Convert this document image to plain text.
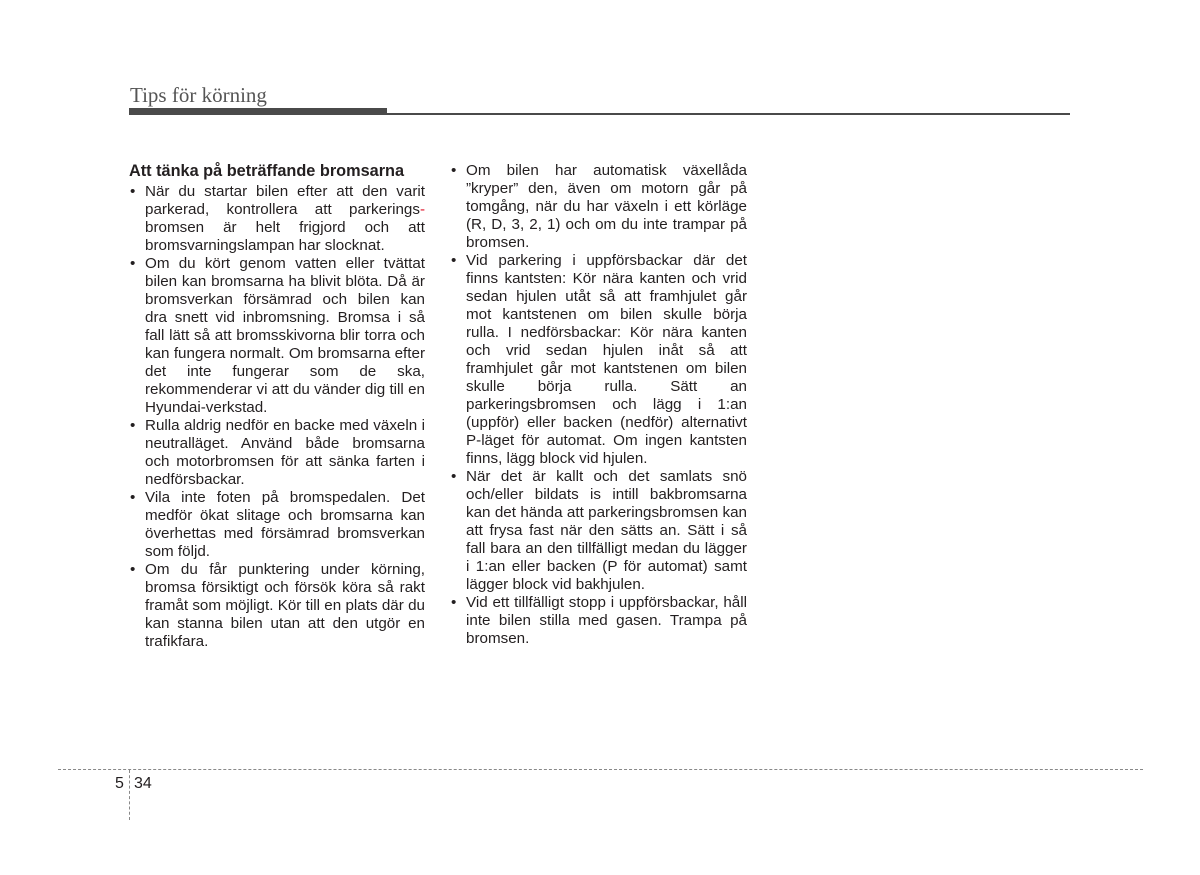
Tips för körning
Att tänka på beträffande bromsarna
• När du startar bilen efter att den varit parkerad, kontrollera att parkerings- bromsen är helt frigjord och att bromsvarningslampan har slocknat.
• Om du kört genom vatten eller tvättat bilen kan bromsarna ha blivit blöta. Då är bromsverkan försämrad och bilen kan dra snett vid inbromsning. Bromsa i så fall lätt så att bromsskivorna blir torra och kan fungera normalt. Om bromsarna efter det inte fungerar som de ska, rekommenderar vi att du vänder dig till en Hyundai-verkstad.
• Rulla aldrig nedför en backe med växeln i neutralläget. Använd både bromsarna och motorbromsen för att sänka farten i nedförsbackar.
• Vila inte foten på bromspedalen. Det medför ökat slitage och bromsarna kan överhettas med försämrad bromsverkan som följd.
• Om du får punktering under körning, bromsa försiktigt och försök köra så rakt framåt som möjligt. Kör till en plats där du kan stanna bilen utan att den utgör en trafikfara.
• Om bilen har automatisk växellåda ”kryper” den, även om motorn går på tomgång, när du har växeln i ett körläge (R, D, 3, 2, 1) och om du inte trampar på bromsen.
• Vid parkering i uppförsbackar där det finns kantsten: Kör nära kanten och vrid sedan hjulen utåt så att framhjulet går mot kantstenen om bilen skulle börja rulla. I nedförsbackar: Kör nära kanten och vrid sedan hjulen inåt så att framhjulet går mot kantstenen om bilen skulle börja rulla. Sätt an parkeringsbromsen och lägg i 1:an (uppför) eller backen (nedför) alternativt P-läget för automat. Om ingen kantsten finns, lägg block vid hjulen.
• När det är kallt och det samlats snö och/eller bildats is intill bakbromsarna kan det hända att parkeringsbromsen kan att frysa fast när den sätts an. Sätt i så fall bara an den tillfälligt medan du lägger i 1:an eller backen (P för automat) samt lägger block vid bakhjulen.
• Vid ett tillfälligt stopp i uppförsbackar, håll inte bilen stilla med gasen. Trampa på bromsen.
5 34
